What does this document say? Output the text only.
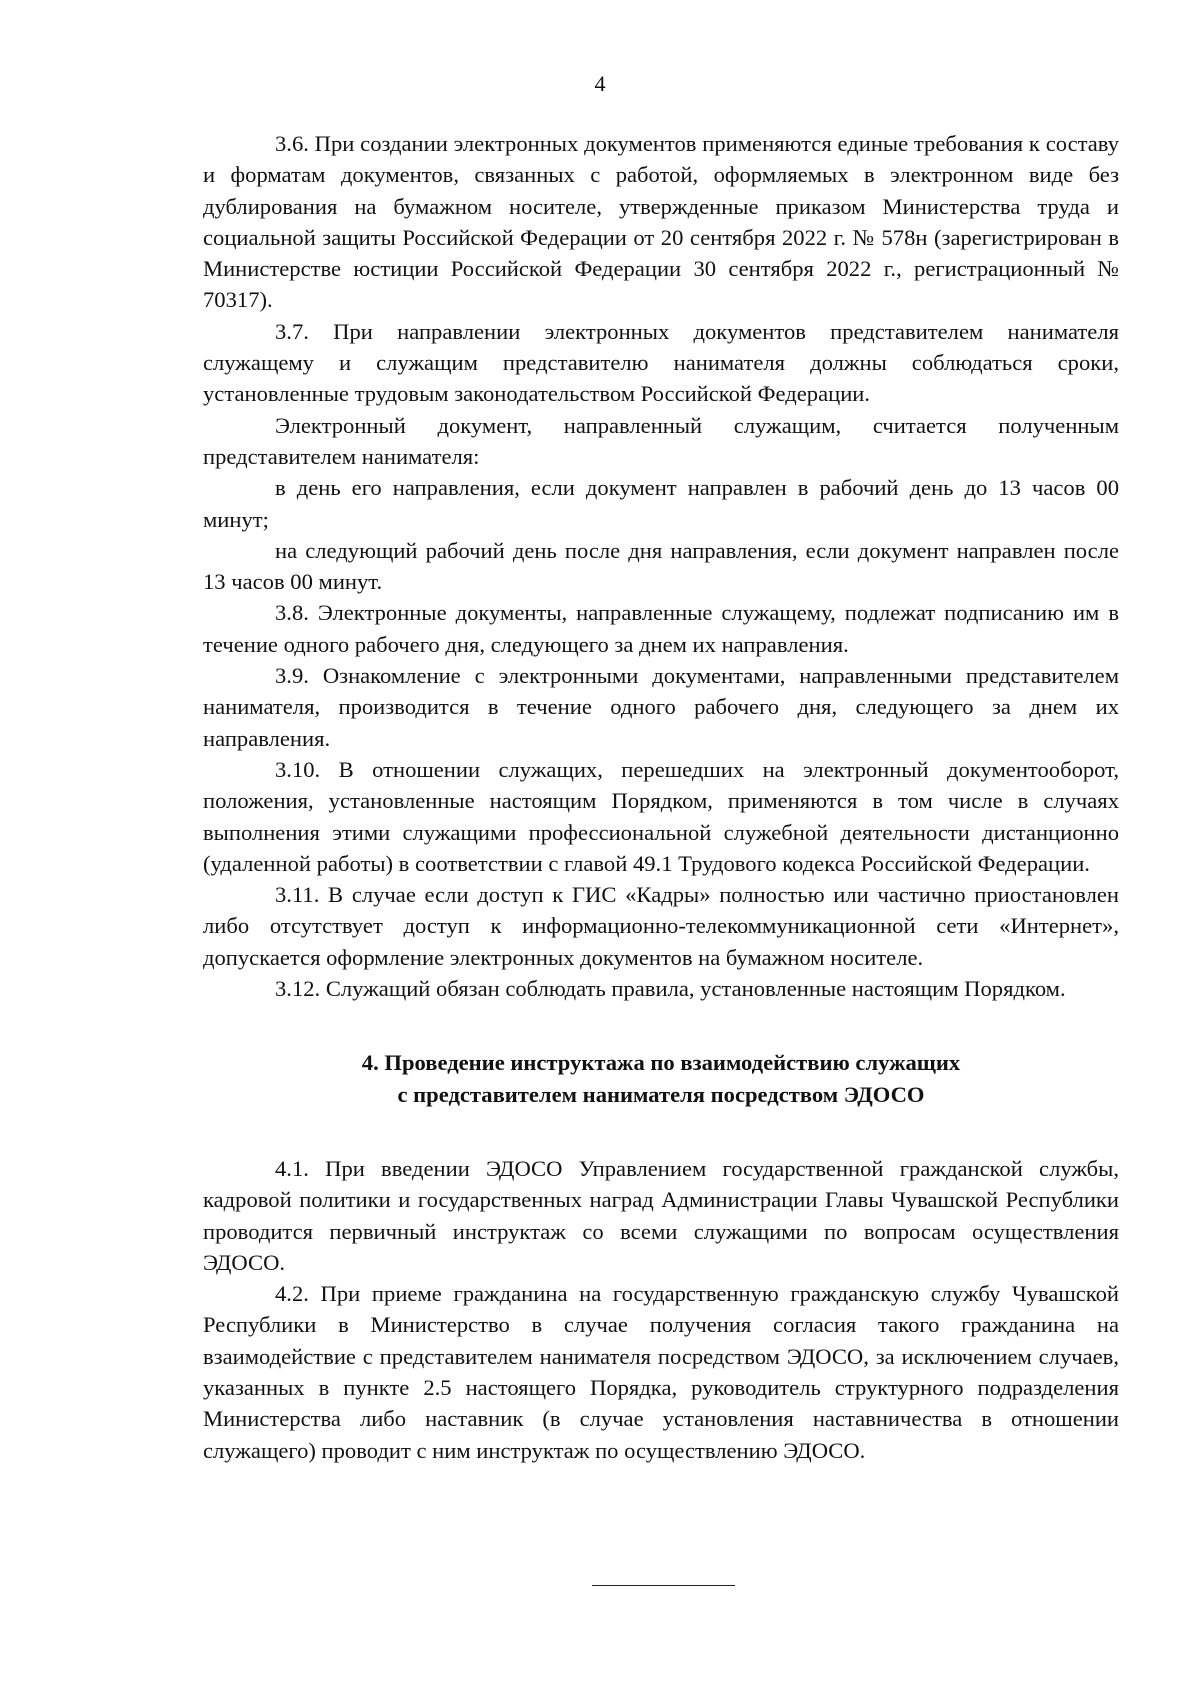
4

3.6. При создании электронных документов применяются единые требования к составу и форматам документов, связанных с работой, оформляемых в электронном виде без дублирования на бумажном носителе, утвержденные приказом Министерства труда и социальной защиты Российской Федерации от 20 сентября 2022 г. № 578н (зарегистрирован в Министерстве юстиции Российской Федерации 30 сентября 2022 г., регистрационный № 70317).

3.7. При направлении электронных документов представителем нанимателя служащему и служащим представителю нанимателя должны соблюдаться сроки, установленные трудовым законодательством Российской Федерации.

Электронный документ, направленный служащим, считается полученным представителем нанимателя:

в день его направления, если документ направлен в рабочий день до 13 часов 00 минут;

на следующий рабочий день после дня направления, если документ направлен после 13 часов 00 минут.

3.8. Электронные документы, направленные служащему, подлежат подписанию им в течение одного рабочего дня, следующего за днем их направления.

3.9. Ознакомление с электронными документами, направленными представителем нанимателя, производится в течение одного рабочего дня, следующего за днем их направления.

3.10. В отношении служащих, перешедших на электронный документооборот, положения, установленные настоящим Порядком, применяются в том числе в случаях выполнения этими служащими профессиональной служебной деятельности дистанционно (удаленной работы) в соответствии с главой 49.1 Трудового кодекса Российской Федерации.

3.11. В случае если доступ к ГИС «Кадры» полностью или частично приостановлен либо отсутствует доступ к информационно-телекоммуникационной сети «Интернет», допускается оформление электронных документов на бумажном носителе.

3.12. Служащий обязан соблюдать правила, установленные настоящим Порядком.

4. Проведение инструктажа по взаимодействию служащих
с представителем нанимателя посредством ЭДОСО

4.1. При введении ЭДОСО Управлением государственной гражданской службы, кадровой политики и государственных наград Администрации Главы Чувашской Республики проводится первичный инструктаж со всеми служащими по вопросам осуществления ЭДОСО.

4.2. При приеме гражданина на государственную гражданскую службу Чувашской Республики в Министерство в случае получения согласия такого гражданина на взаимодействие с представителем нанимателя посредством ЭДОСО, за исключением случаев, указанных в пункте 2.5 настоящего Порядка, руководитель структурного подразделения Министерства либо наставник (в случае установления наставничества в отношении служащего) проводит с ним инструктаж по осуществлению ЭДОСО.
